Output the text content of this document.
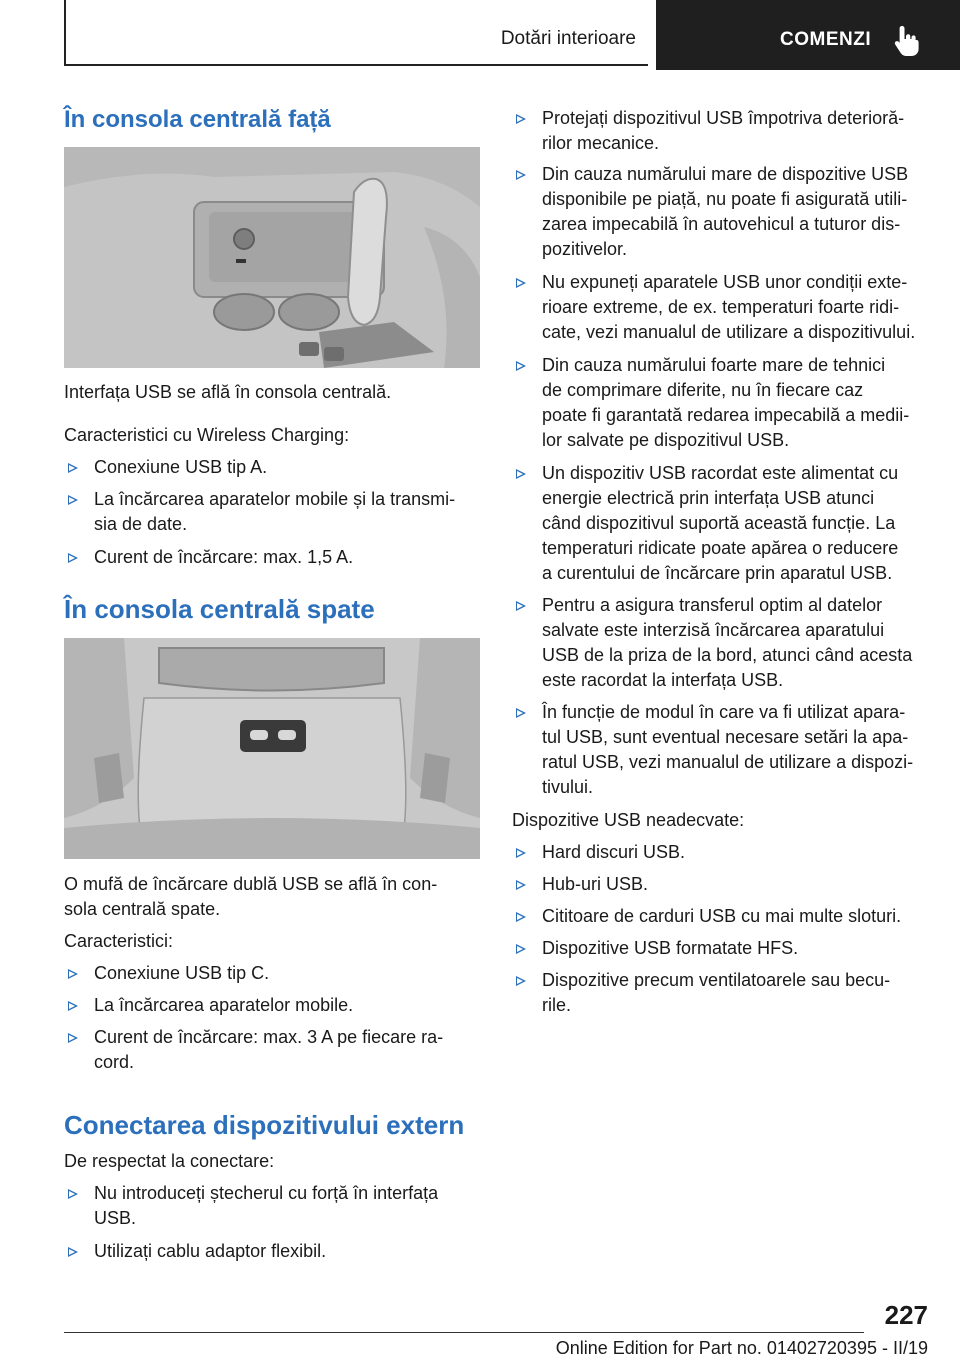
Dotări interioare	COMENZI
În consola centrală față

Interfața USB se află în consola centrală.

Caracteristici cu Wireless Charging:

Conexiune USB tip A.
La încărcarea aparatelor mobile și la transmi-
sia de date.
Curent de încărcare: max. 1,5 A.
În consola centrală spate

O mufă de încărcare dublă USB se află în con-
sola centrală spate.

Caracteristici:

Conexiune USB tip C.
La încărcarea aparatelor mobile.
Curent de încărcare: max. 3 A pe fiecare ra-
cord.
Conectarea dispozitivului extern

De respectat la conectare:

Nu introduceți ștecherul cu forță în interfața
USB.
Utilizați cablu adaptor flexibil.
Protejați dispozitivul USB împotriva deterioră-
rilor mecanice.
Din cauza numărului mare de dispozitive USB
disponibile pe piață, nu poate fi asigurată utili-
zarea impecabilă în autovehicul a tuturor dis-
pozitivelor.
Nu expuneți aparatele USB unor condiții exte-
rioare extreme, de ex. temperaturi foarte ridi-
cate, vezi manualul de utilizare a dispozitivului.
Din cauza numărului foarte mare de tehnici
de comprimare diferite, nu în fiecare caz
poate fi garantată redarea impecabilă a medii-
lor salvate pe dispozitivul USB.
Un dispozitiv USB racordat este alimentat cu
energie electrică prin interfața USB atunci
când dispozitivul suportă această funcție. La
temperaturi ridicate poate apărea o reducere
a curentului de încărcare prin aparatul USB.
Pentru a asigura transferul optim al datelor
salvate este interzisă încărcarea aparatului
USB de la priza de la bord, atunci când acesta
este racordat la interfața USB.
În funcție de modul în care va fi utilizat apara-
tul USB, sunt eventual necesare setări la apa-
ratul USB, vezi manualul de utilizare a dispozi-
tivului.

Dispozitive USB neadecvate:

Hard discuri USB.
Hub-uri USB.
Cititoare de carduri USB cu mai multe sloturi.
Dispozitive USB formatate HFS.
Dispozitive precum ventilatoarele sau becu-
rile.
227
Online Edition for Part no. 01402720395 - II/19
